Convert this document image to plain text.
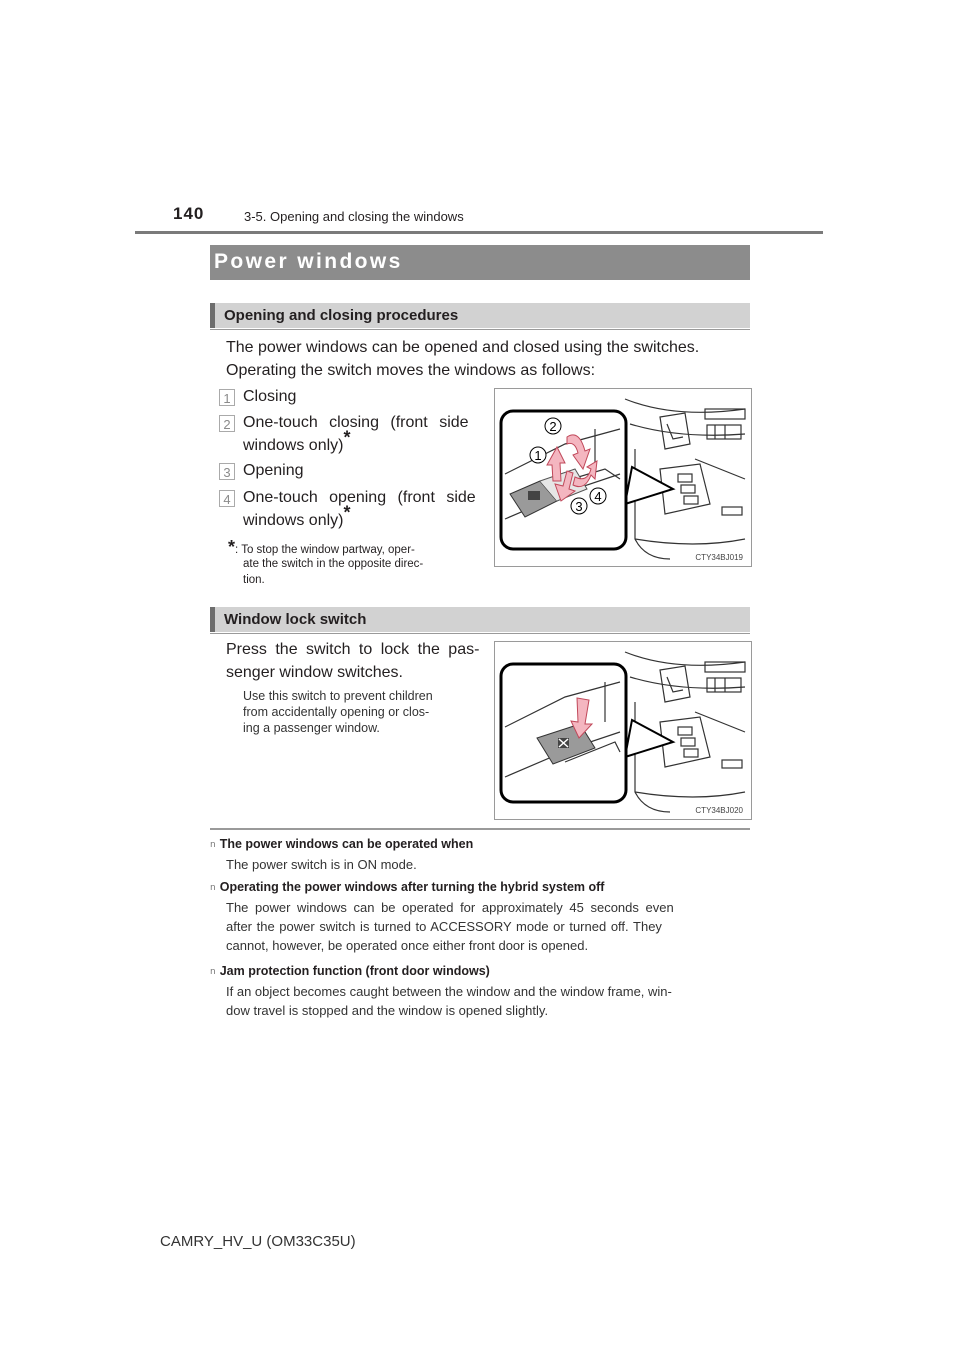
140	3-5. Opening and closing the windows
Power windows
Opening and closing procedures
The power windows can be opened and closed using the switches.
Operating the switch moves the windows as follows:
1 Closing
2 One-touch closing (front side
windows only)*
3 Opening
4 One-touch opening (front side
windows only)*
*: To stop the window partway, oper-
ate the switch in the opposite direc-
tion.
1
2
3
4
CTY34BJ019
Window lock switch
Press the switch to lock the pas-
senger window switches.
Use this switch to prevent children
from accidentally opening or clos-
ing a passenger window.
CTY34BJ020
n The power windows can be operated when
The power switch is in ON mode.
n Operating the power windows after turning the hybrid system off
The power windows can be operated for approximately 45 seconds even
after the power switch is turned to ACCESSORY mode or turned off. They
cannot, however, be operated once either front door is opened.
n Jam protection function (front door windows)
If an object becomes caught between the window and the window frame, win-
dow travel is stopped and the window is opened slightly.
CAMRY_HV_U (OM33C35U)
